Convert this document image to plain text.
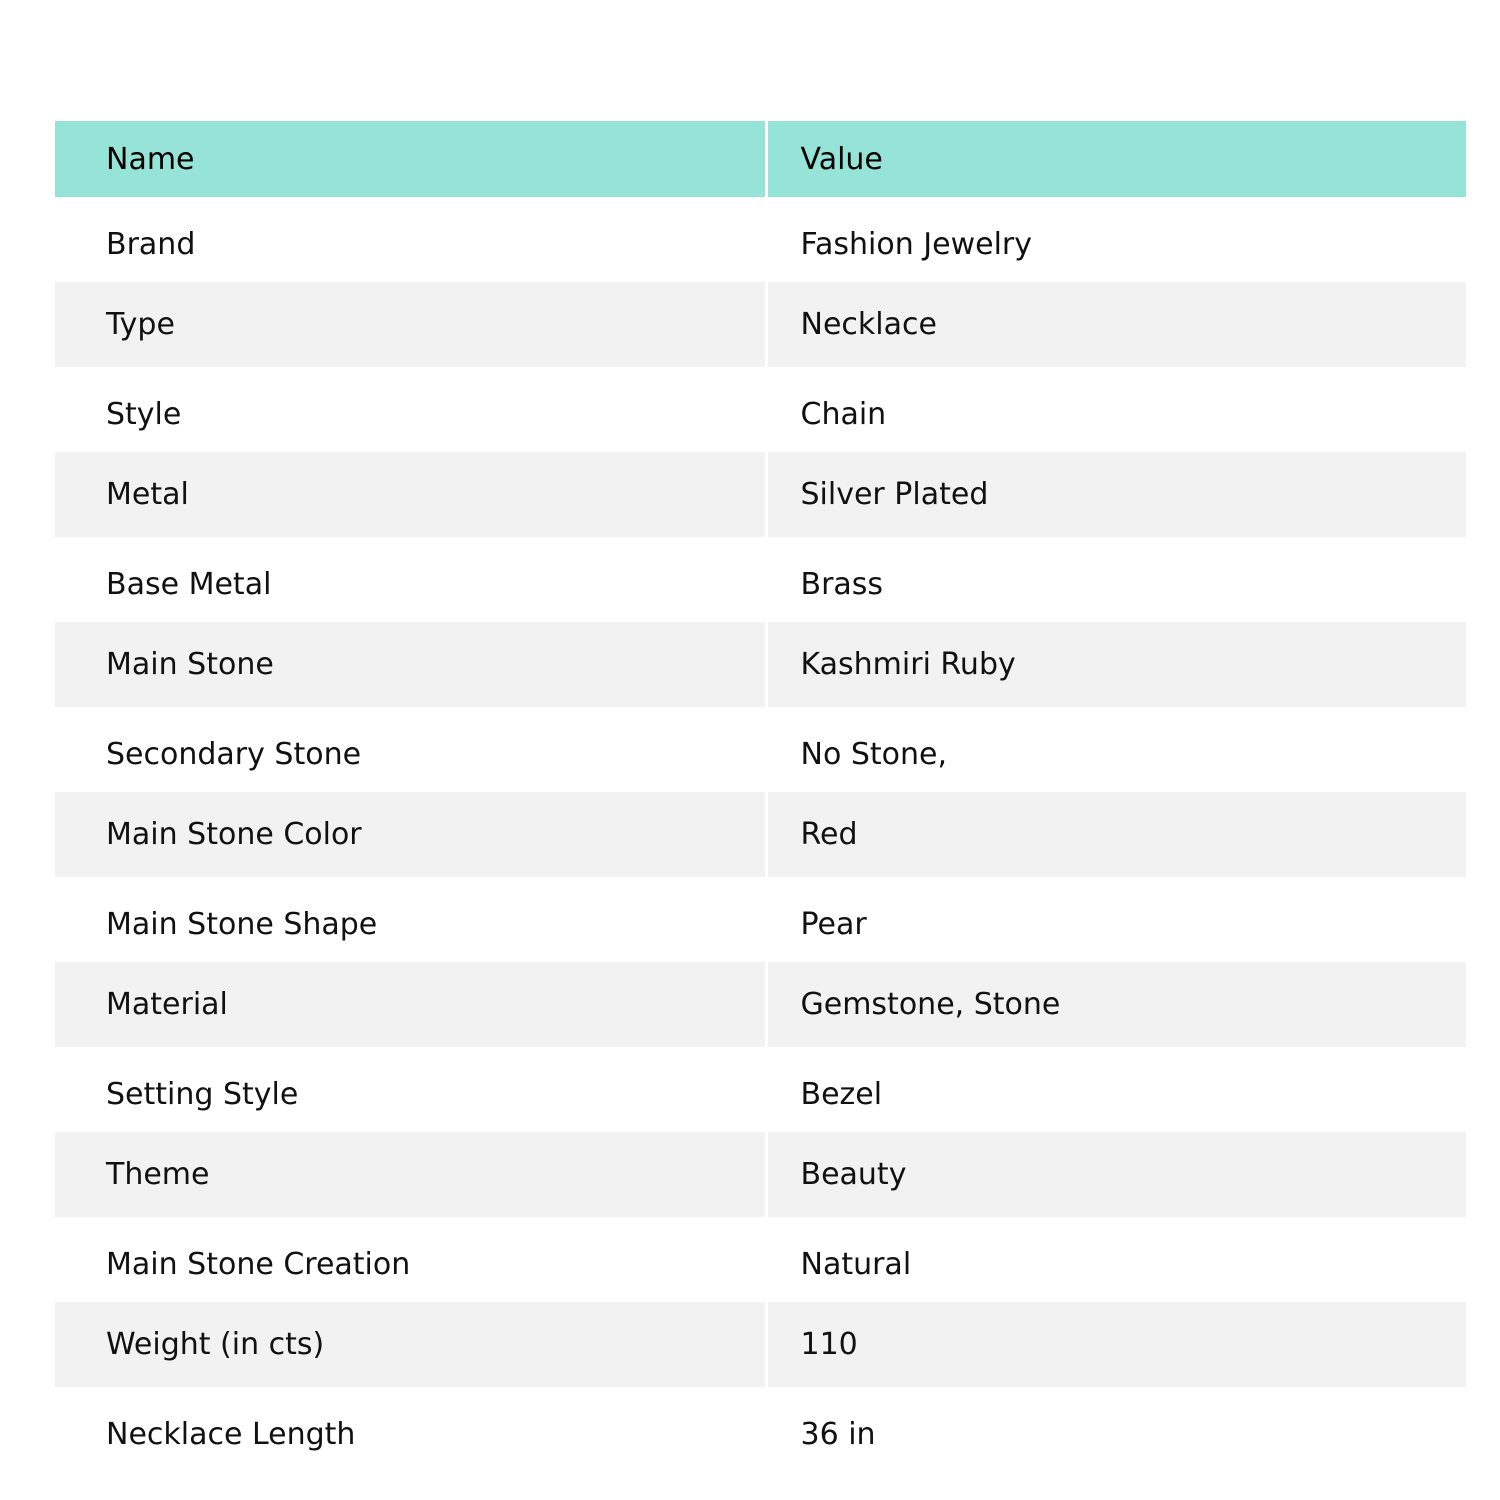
Name	Value
Brand	Fashion Jewelry
Type	Necklace
Style	Chain
Metal	Silver Plated
Base Metal	Brass
Main Stone	Kashmiri Ruby
Secondary Stone	No Stone,
Main Stone Color	Red
Main Stone Shape	Pear
Material	Gemstone, Stone
Setting Style	Bezel
Theme	Beauty
Main Stone Creation	Natural
Weight (in cts)	110
Necklace Length	36 in
